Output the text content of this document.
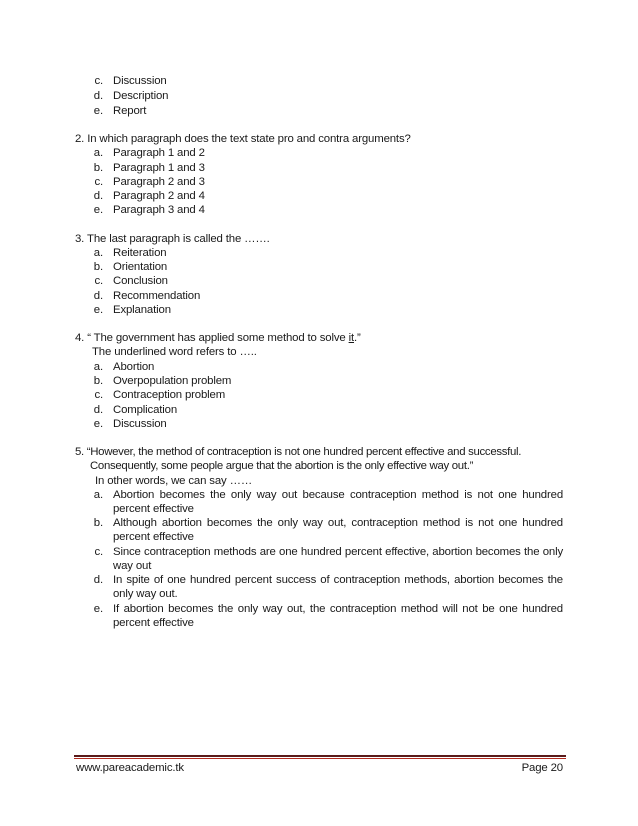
c. Discussion
d. Description
e. Report
2. In which paragraph does the text state pro and contra arguments?
a. Paragraph 1 and 2
b. Paragraph 1 and 3
c. Paragraph 2 and 3
d. Paragraph 2 and 4
e. Paragraph 3 and 4
3. The last paragraph is called the …….
a. Reiteration
b. Orientation
c. Conclusion
d. Recommendation
e. Explanation
4. “ The government has applied some method to solve it.”
The underlined word refers to …..
a. Abortion
b. Overpopulation problem
c. Contraception problem
d. Complication
e. Discussion
5. “However, the method of contraception is not one hundred percent effective and successful.
Consequently, some people argue that the abortion is the only effective way out.”
In other words, we can say ……
a. Abortion becomes the only way out because contraception method is not one hundred percent effective
b. Although abortion becomes the only way out, contraception method is not one hundred percent effective
c. Since contraception methods are one hundred percent effective, abortion becomes the only way out
d. In spite of one hundred percent success of contraception methods, abortion becomes the only way out.
e. If abortion becomes the only way out, the contraception method will not be one hundred percent effective
www.pareacademic.tk	Page 20
